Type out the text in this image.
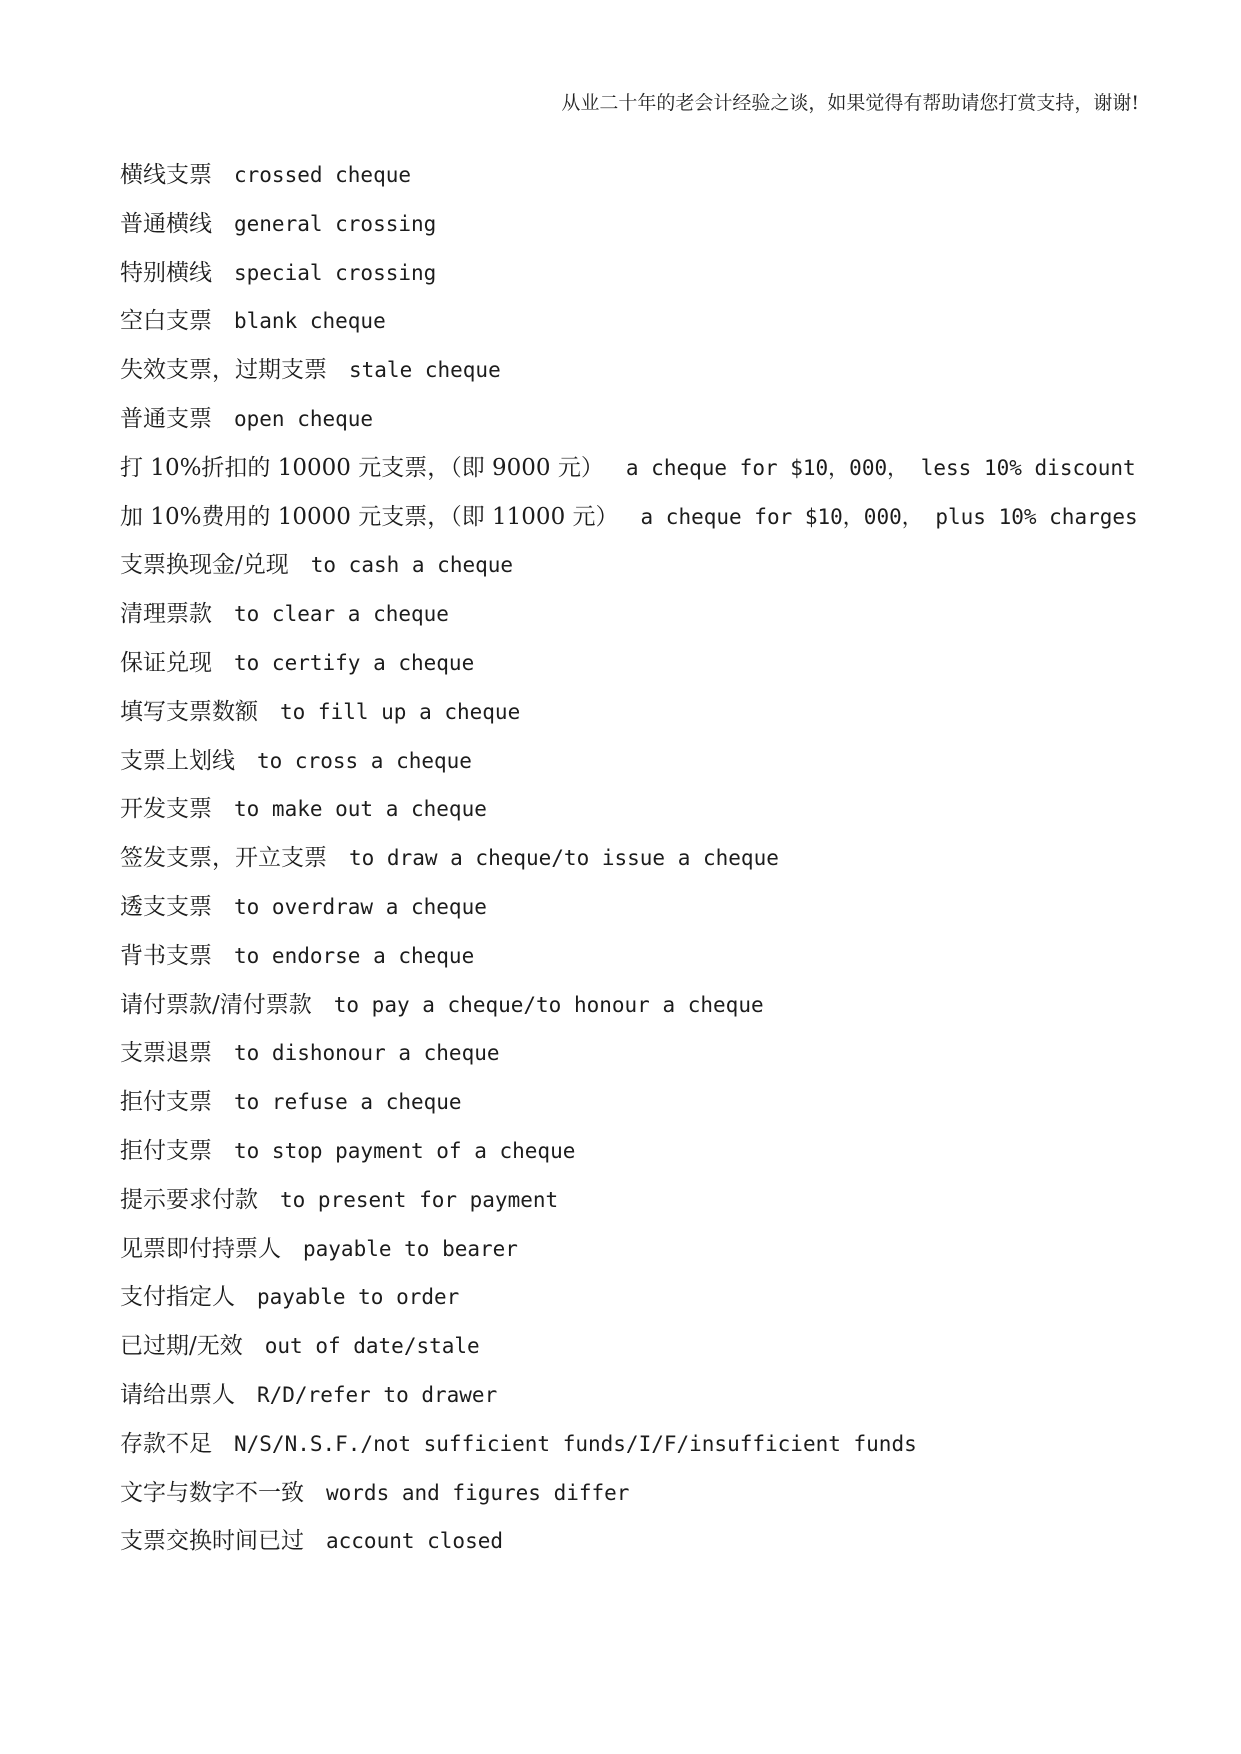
从业二十年的老会计经验之谈，如果觉得有帮助请您打赏支持，谢谢!
横线支票 crossed cheque
普通横线 general crossing
特别横线 special crossing
空白支票 blank cheque
失效支票，过期支票 stale cheque
普通支票 open cheque
打 10%折扣的 10000 元支票，（即 9000 元） a cheque for $10，000， less 10% discount
加 10%费用的 10000 元支票，（即 11000 元） a cheque for $10，000， plus 10% charges
支票换现金/兑现 to cash a cheque
清理票款 to clear a cheque
保证兑现 to certify a cheque
填写支票数额 to fill up a cheque
支票上划线 to cross a cheque
开发支票 to make out a cheque
签发支票，开立支票 to draw a cheque/to issue a cheque
透支支票 to overdraw a cheque
背书支票 to endorse a cheque
请付票款/清付票款 to pay a cheque/to honour a cheque
支票退票 to dishonour a cheque
拒付支票 to refuse a cheque
拒付支票 to stop payment of a cheque
提示要求付款 to present for payment
见票即付持票人 payable to bearer
支付指定人 payable to order
已过期/无效 out of date/stale
请给出票人 R/D/refer to drawer
存款不足 N/S/N.S.F./not sufficient funds/I/F/insufficient funds
文字与数字不一致 words and figures differ
支票交换时间已过 account closed
